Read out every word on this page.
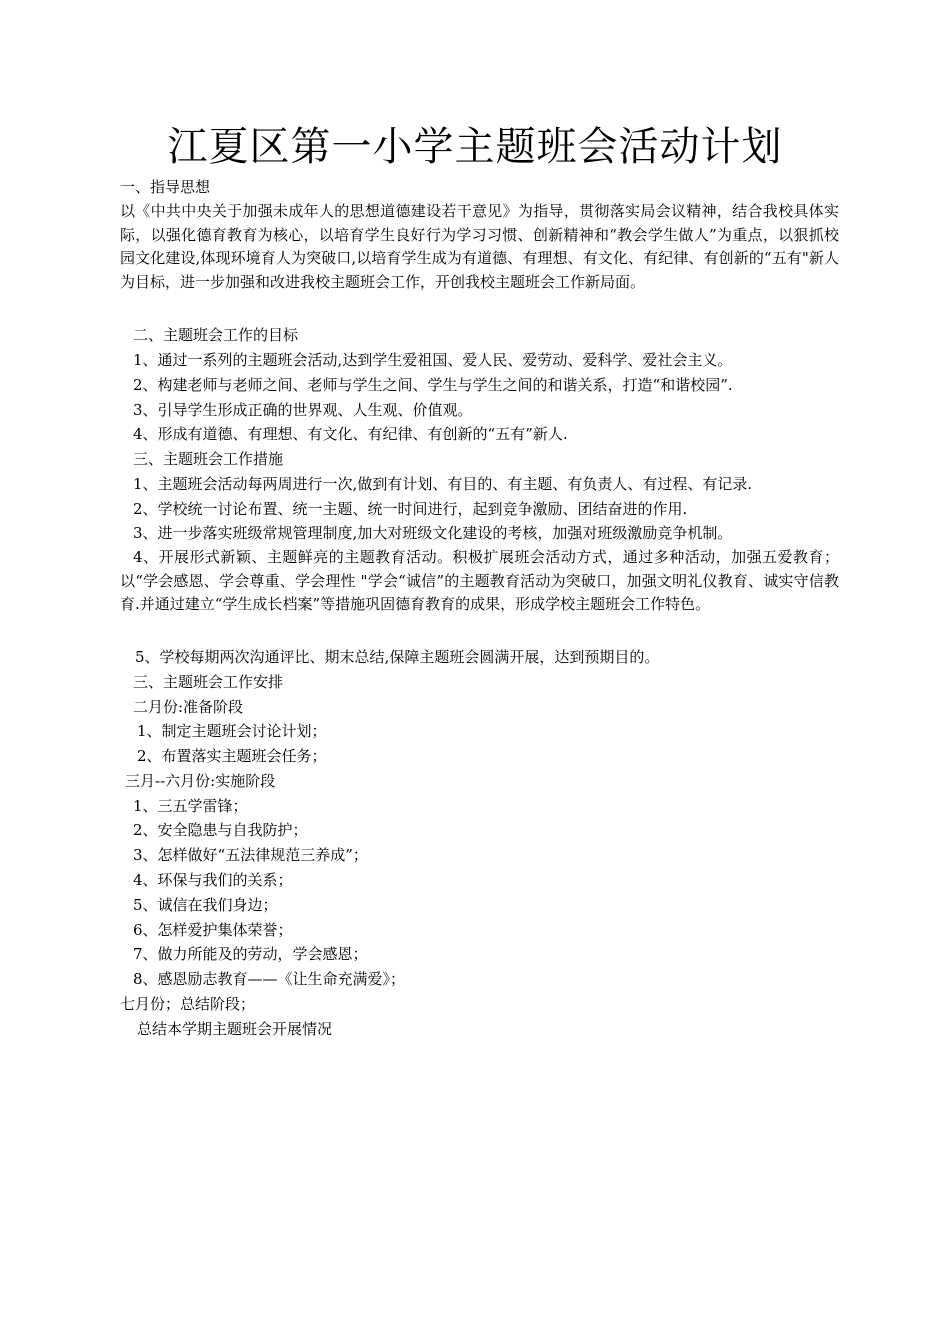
江夏区第一小学主题班会活动计划
一、指导思想
以《中共中央关于加强未成年人的思想道德建设若干意见》为指导，贯彻落实局会议精神，结合我校具体实际，以强化德育教育为核心，以培育学生良好行为学习习惯、创新精神和“教会学生做人”为重点，以狠抓校园文化建设,体现环境育人为突破口,以培育学生成为有道德、有理想、有文化、有纪律、有创新的“五有"新人为目标，进一步加强和改进我校主题班会工作，开创我校主题班会工作新局面。
二、主题班会工作的目标
1、通过一系列的主题班会活动,达到学生爱祖国、爱人民、爱劳动、爱科学、爱社会主义。
2、构建老师与老师之间、老师与学生之间、学生与学生之间的和谐关系，打造“和谐校园”.
3、引导学生形成正确的世界观、人生观、价值观。
4、形成有道德、有理想、有文化、有纪律、有创新的“五有”新人.
三、主题班会工作措施
1、主题班会活动每两周进行一次,做到有计划、有目的、有主题、有负责人、有过程、有记录.
2、学校统一讨论布置、统一主题、统一时间进行，起到竞争激励、团结奋进的作用.
3、进一步落实班级常规管理制度,加大对班级文化建设的考核，加强对班级激励竞争机制。
4、开展形式新颖、主题鲜亮的主题教育活动。积极扩展班会活动方式，通过多种活动，加强五爱教育；以“学会感恩、学会尊重、学会理性 "学会“诚信”的主题教育活动为突破口，加强文明礼仪教育、诚实守信教育.并通过建立“学生成长档案”等措施巩固德育教育的成果，形成学校主题班会工作特色。
5、学校每期两次沟通评比、期末总结,保障主题班会圆满开展，达到预期目的。
三、主题班会工作安排
二月份:准备阶段
1、制定主题班会讨论计划；
2、布置落实主题班会任务；
三月--六月份:实施阶段
1、三五学雷锋；
2、安全隐患与自我防护；
3、怎样做好“五法律规范三养成”；
4、环保与我们的关系；
5、诚信在我们身边；
6、怎样爱护集体荣誉；
7、做力所能及的劳动，学会感恩；
8、感恩励志教育——《让生命充满爱》；
七月份；总结阶段；
总结本学期主题班会开展情况
